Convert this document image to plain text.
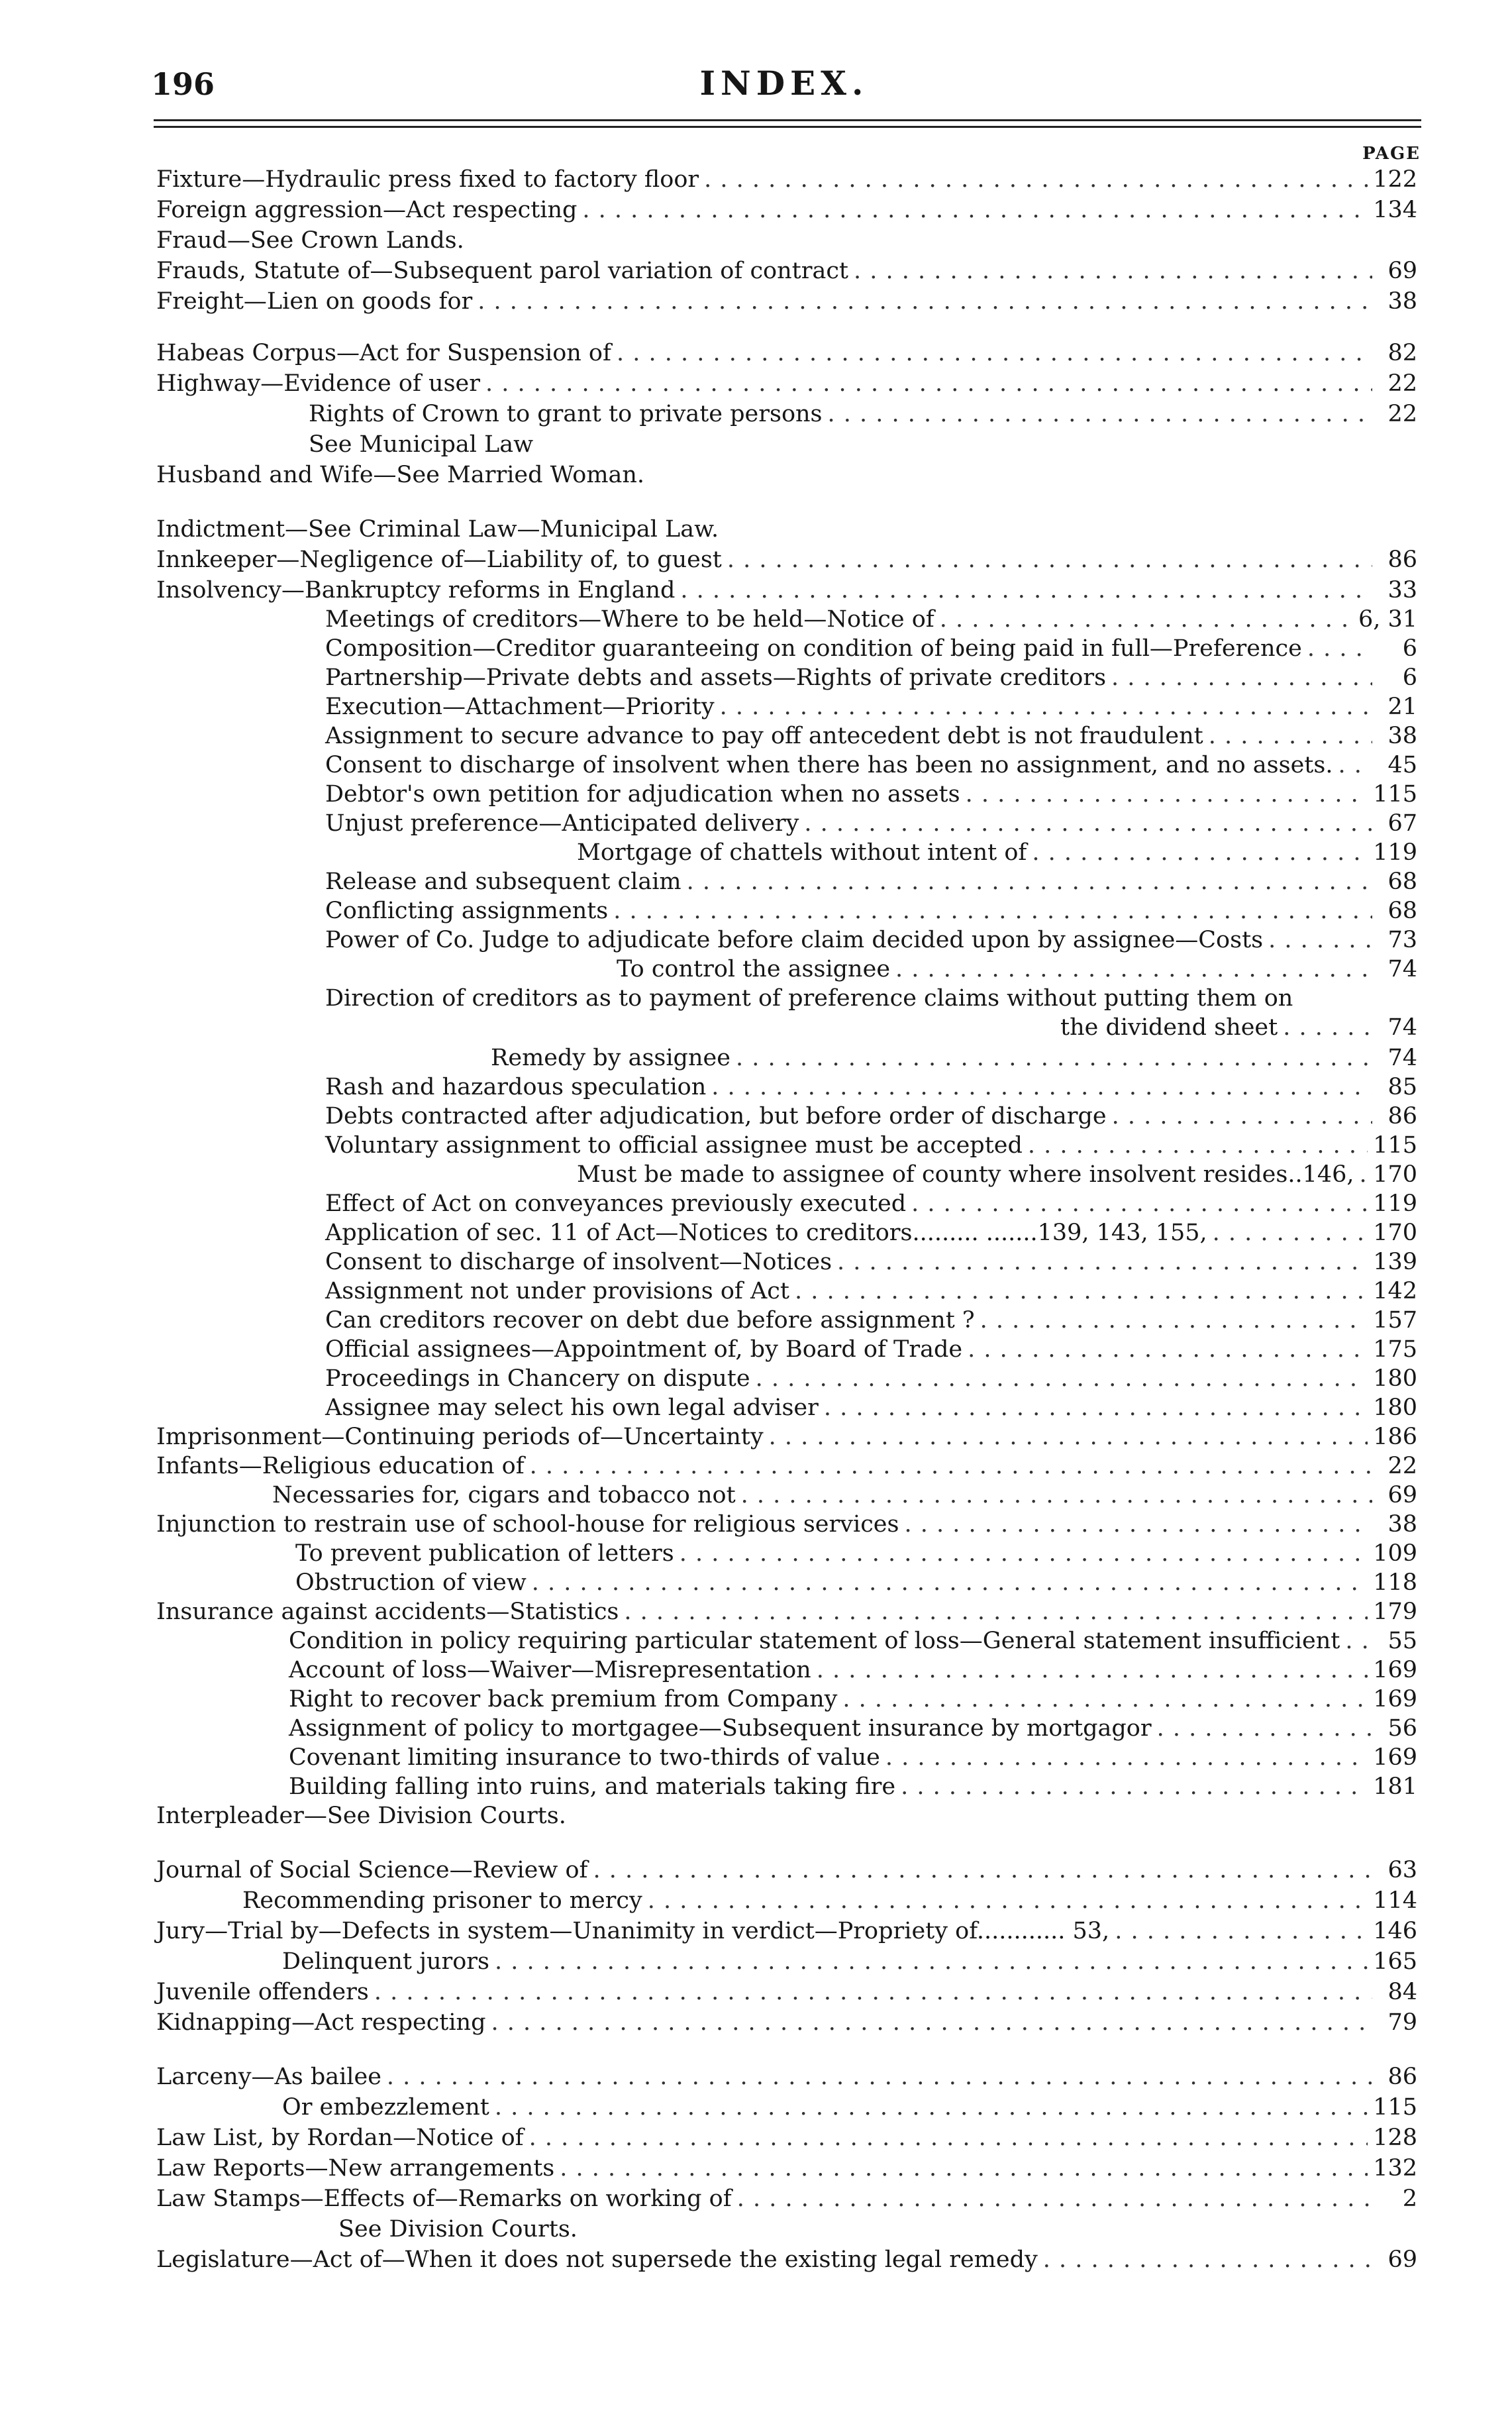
196	INDEX.
PAGE
Fixture—Hydraulic press fixed to factory floor . . .	122
Foreign aggression—Act respecting . . .	134
Fraud—See Crown Lands.
Frauds, Statute of—Subsequent parol variation of contract . . .	69
Freight—Lien on goods for . . .	38
Habeas Corpus—Act for Suspension of . . .	82
Highway—Evidence of user . . .	22
Rights of Crown to grant to private persons . . .	22
See Municipal Law
Husband and Wife—See Married Woman.
Indictment—See Criminal Law—Municipal Law.
Innkeeper—Negligence of—Liability of, to guest . . .	86
Insolvency—Bankruptcy reforms in England . . .	33
Meetings of creditors—Where to be held—Notice of . . .	6, 31
Composition—Creditor guaranteeing on condition of being paid in full—Preference . . .	6
Partnership—Private debts and assets—Rights of private creditors . . .	6
Execution—Attachment—Priority . . .	21
Assignment to secure advance to pay off antecedent debt is not fraudulent . . .	38
Consent to discharge of insolvent when there has been no assignment, and no assets. . . .	45
Debtor's own petition for adjudication when no assets . . .	115
Unjust preference—Anticipated delivery . . .	67
Mortgage of chattels without intent of . . .	119
Release and subsequent claim . . .	68
Conflicting assignments . . .	68
Power of Co. Judge to adjudicate before claim decided upon by assignee—Costs . . .	73
To control the assignee . . .	74
Direction of creditors as to payment of preference claims without putting them on
the dividend sheet . . .	74
Remedy by assignee . . .	74
Rash and hazardous speculation . . .	85
Debts contracted after adjudication, but before order of discharge . . .	86
Voluntary assignment to official assignee must be accepted . . .	115
Must be made to assignee of county where insolvent resides..146, . . . 170
Effect of Act on conveyances previously executed . . .	119
Application of sec. 11 of Act—Notices to creditors......... .......139, 143, 155, . . .	170
Consent to discharge of insolvent—Notices . . .	139
Assignment not under provisions of Act . . .	142
Can creditors recover on debt due before assignment ? . . .	157
Official assignees—Appointment of, by Board of Trade . . .	175
Proceedings in Chancery on dispute . . .	180
Assignee may select his own legal adviser . . .	180
Imprisonment—Continuing periods of—Uncertainty . . .	186
Infants—Religious education of . . .	22
Necessaries for, cigars and tobacco not . . .	69
Injunction to restrain use of school-house for religious services . . .	38
To prevent publication of letters . . .	109
Obstruction of view . . .	118
Insurance against accidents—Statistics . . .	179
Condition in policy requiring particular statement of loss—General statement insufficient . . .	55
Account of loss—Waiver—Misrepresentation . . .	169
Right to recover back premium from Company . . .	169
Assignment of policy to mortgagee—Subsequent insurance by mortgagor . . .	56
Covenant limiting insurance to two-thirds of value . . .	169
Building falling into ruins, and materials taking fire . . .	181
Interpleader—See Division Courts.
Journal of Social Science—Review of . . .	63
Recommending prisoner to mercy . . .	114
Jury—Trial by—Defects in system—Unanimity in verdict—Propriety of............ 53, . . .	146
Delinquent jurors . . .	165
Juvenile offenders . . .	84
Kidnapping—Act respecting . . .	79
Larceny—As bailee . . .	86
Or embezzlement . . .	115
Law List, by Rordan—Notice of . . .	128
Law Reports—New arrangements . . .	132
Law Stamps—Effects of—Remarks on working of . . .	2
See Division Courts.
Legislature—Act of—When it does not supersede the existing legal remedy . . .	69
